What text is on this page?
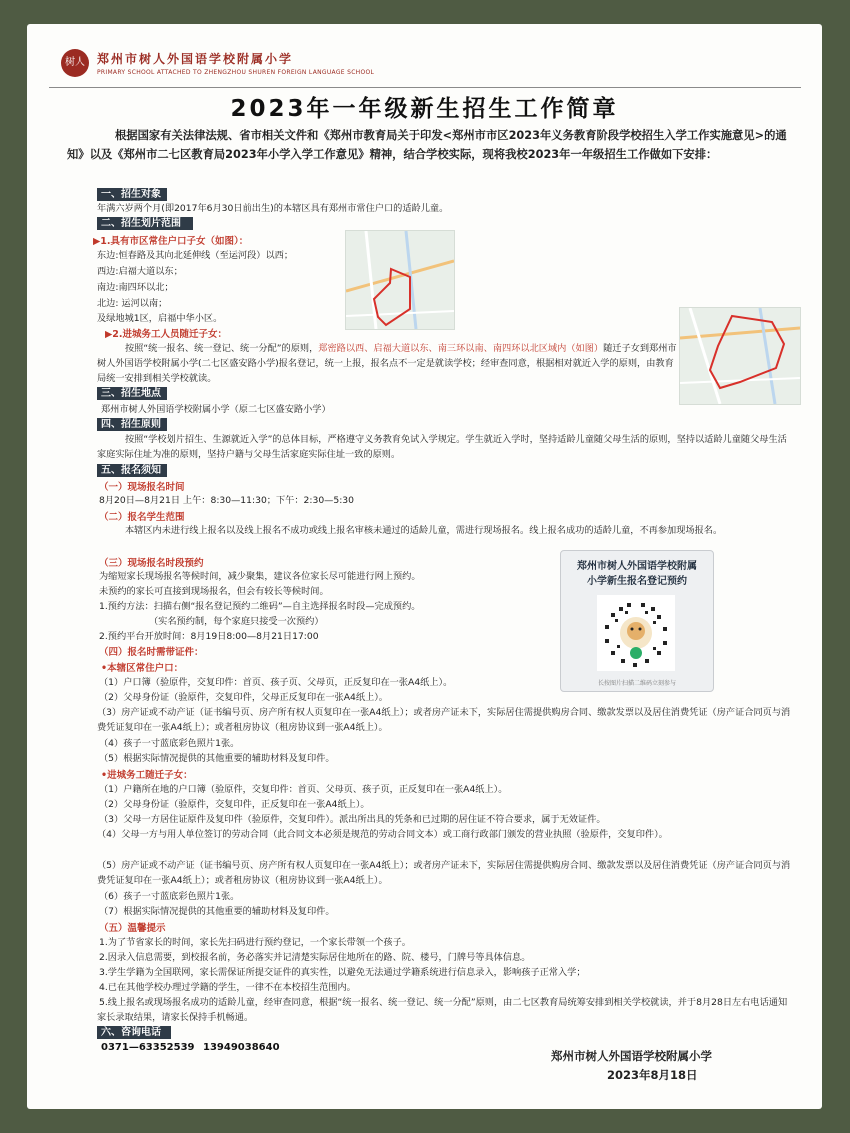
树人	郑州市树人外国语学校附属小学
PRIMARY SCHOOL ATTACHED TO ZHENGZHOU SHUREN FOREIGN LANGUAGE SCHOOL
2023年一年级新生招生工作简章
根据国家有关法律法规、省市相关文件和《郑州市教育局关于印发<郑州市市区2023年义务教育阶段学校招生入学工作实施意见>的通知》以及《郑州市二七区教育局2023年小学入学工作意见》精神，结合学校实际，现将我校2023年一年级招生工作做如下安排：
一、招生对象
年满六岁两个月(即2017年6月30日前出生)的本辖区具有郑州市常住户口的适龄儿童。
二、招生划片范围
▶1.具有市区常住户口子女（如图）：
东边:恒春路及其向北延伸线（至运河段）以西；
西边:启福大道以东；
南边:南四环以北；
北边: 运河以南；
及绿地城1区，启福中华小区。
▶2.进城务工人员随迁子女：
按照“统一报名、统一登记、统一分配”的原则，郑密路以西、启福大道以东、南三环以南、南四环以北区域内（如图）随迁子女到郑州市树人外国语学校附属小学(二七区盛安路小学)报名登记，统一上报，报名点不一定是就读学校；经审查同意，根据相对就近入学的原则，由教育局统一安排到相关学校就读。
三、招生地点
郑州市树人外国语学校附属小学（原二七区盛安路小学）
四、招生原则
按照“学校划片招生、生源就近入学”的总体目标，严格遵守义务教育免试入学规定。学生就近入学时，坚持适龄儿童随父母生活的原则，坚持以适龄儿童随父母生活家庭实际住址为准的原则，坚持户籍与父母生活家庭实际住址一致的原则。
五、报名须知
（一）现场报名时间
8月20日—8月21日 上午：8:30—11:30；下午：2:30—5:30
（二）报名学生范围
本辖区内未进行线上报名以及线上报名不成功或线上报名审核未通过的适龄儿童，需进行现场报名。线上报名成功的适龄儿童，不再参加现场报名。
（三）现场报名时段预约
为缩短家长现场报名等候时间，减少聚集，建议各位家长尽可能进行网上预约。
未预约的家长可直接到现场报名，但会有较长等候时间。
1.预约方法：扫描右侧“报名登记预约二维码”—自主选择报名时段—完成预约。
（实名预约制，每个家庭只接受一次预约）
2.预约平台开放时间：8月19日8:00—8月21日17:00
郑州市树人外国语学校附属
小学新生报名登记预约
长按图片扫描二维码立刻参与
（四）报名时需带证件：
•本辖区常住户口：
（1）户口簿（验原件，交复印件：首页、孩子页、父母页，正反复印在一张A4纸上）。
（2）父母身份证（验原件，交复印件，父母正反复印在一张A4纸上）。
（3）房产证或不动产证（证书编号页、房产所有权人页复印在一张A4纸上）；或者房产证未下，实际居住需提供购房合同、缴款发票以及居住消费凭证（房产证合同页与消费凭证复印在一张A4纸上）；或者租房协议（租房协议到一张A4纸上）。
（4）孩子一寸蓝底彩色照片1张。
（5）根据实际情况提供的其他重要的辅助材料及复印件。
•进城务工随迁子女：
（1）户籍所在地的户口簿（验原件，交复印件：首页、父母页、孩子页，正反复印在一张A4纸上）。
（2）父母身份证（验原件，交复印件，正反复印在一张A4纸上）。
（3）父母一方居住证原件及复印件（验原件，交复印件）。派出所出具的凭条和已过期的居住证不符合要求，属于无效证件。
（4）父母一方与用人单位签订的劳动合同（此合同文本必须是规范的劳动合同文本）或工商行政部门颁发的营业执照（验原件，交复印件）。
（5）房产证或不动产证（证书编号页、房产所有权人页复印在一张A4纸上）；或者房产证未下，实际居住需提供购房合同、缴款发票以及居住消费凭证（房产证合同页与消费凭证复印在一张A4纸上）；或者租房协议（租房协议到一张A4纸上）。
（6）孩子一寸蓝底彩色照片1张。
（7）根据实际情况提供的其他重要的辅助材料及复印件。
（五）温馨提示
1.为了节省家长的时间，家长先扫码进行预约登记，一个家长带领一个孩子。
2.因录入信息需要，到校报名前，务必落实并记清楚实际居住地所在的路、院、楼号，门牌号等具体信息。
3.学生学籍为全国联网，家长需保证所提交证件的真实性，以避免无法通过学籍系统进行信息录入，影响孩子正常入学；
4.已在其他学校办理过学籍的学生，一律不在本校招生范围内。
5.线上报名或现场报名成功的适龄儿童，经审查同意，根据“统一报名、统一登记、统一分配”原则，由二七区教育局统筹安排到相关学校就读，并于8月28日左右电话通知家长录取结果，请家长保持手机畅通。
六、咨询电话
0371—63352539 13949038640
郑州市树人外国语学校附属小学
2023年8月18日
